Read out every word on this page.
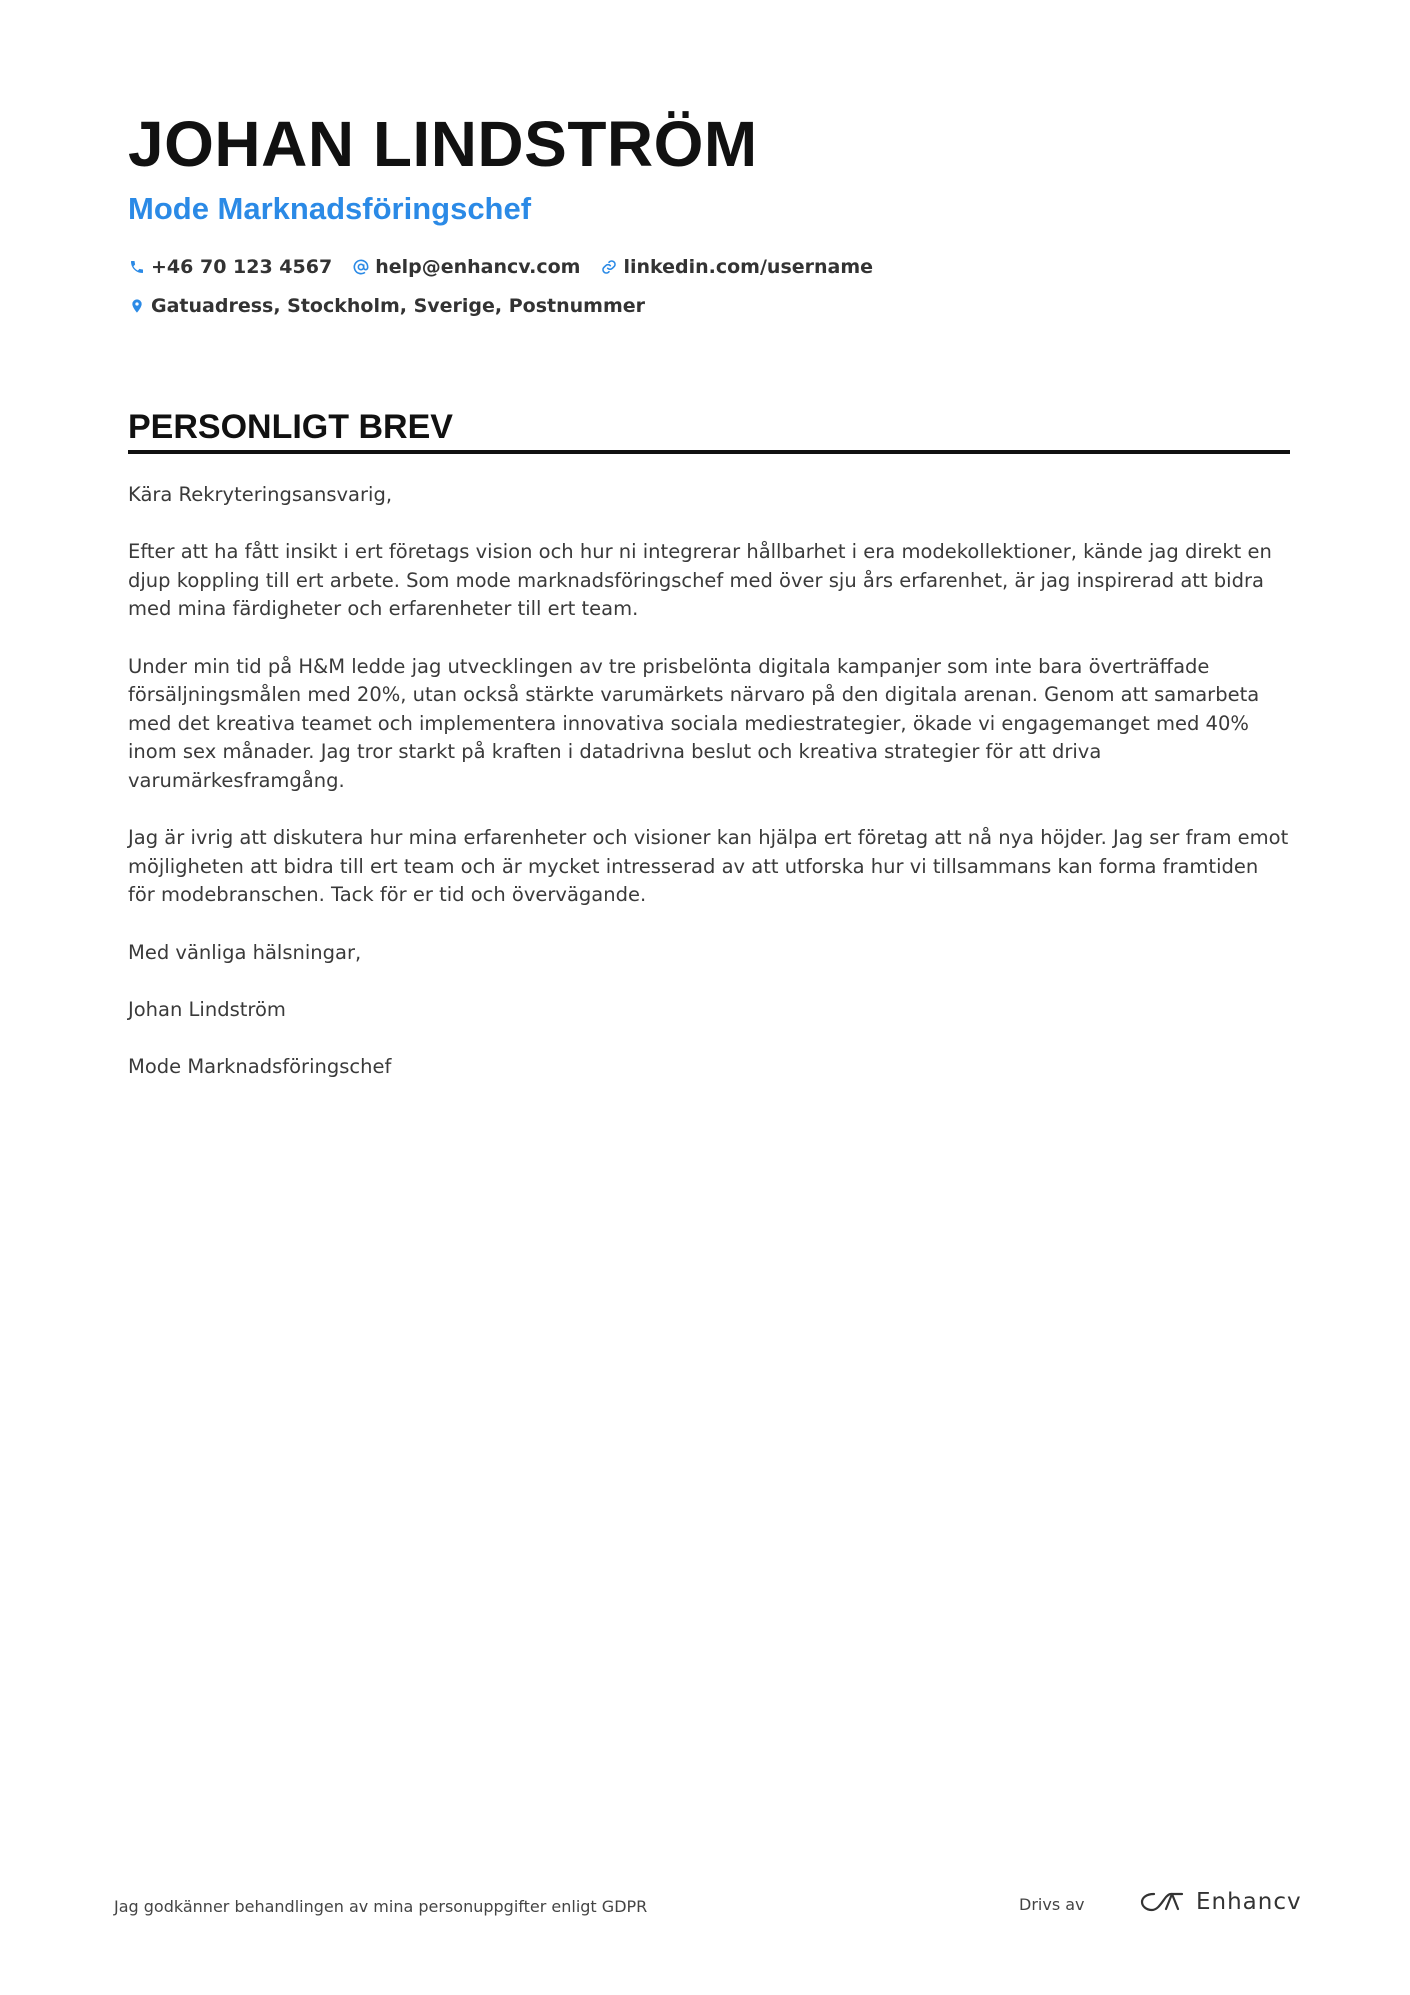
JOHAN LINDSTRÖM
Mode Marknadsföringschef
+46 70 123 4567 help@enhancv.com linkedin.com/username
Gatuadress, Stockholm, Sverige, Postnummer
PERSONLIGT BREV

Kära Rekryteringsansvarig,

Efter att ha fått insikt i ert företags vision och hur ni integrerar hållbarhet i era modekollektioner, kände jag direkt en djup koppling till ert arbete. Som mode marknadsföringschef med över sju års erfarenhet, är jag inspirerad att bidra med mina färdigheter och erfarenheter till ert team.

Under min tid på H&M ledde jag utvecklingen av tre prisbelönta digitala kampanjer som inte bara överträffade försäljningsmålen med 20%, utan också stärkte varumärkets närvaro på den digitala arenan. Genom att samarbeta med det kreativa teamet och implementera innovativa sociala mediestrategier, ökade vi engagemanget med 40% inom sex månader. Jag tror starkt på kraften i datadrivna beslut och kreativa strategier för att driva varumärkesframgång.

Jag är ivrig att diskutera hur mina erfarenheter och visioner kan hjälpa ert företag att nå nya höjder. Jag ser fram emot möjligheten att bidra till ert team och är mycket intresserad av att utforska hur vi tillsammans kan forma framtiden för modebranschen. Tack för er tid och övervägande.

Med vänliga hälsningar,

Johan Lindström

Mode Marknadsföringschef

Jag godkänner behandlingen av mina personuppgifter enligt GDPR	Drivs av	Enhancv
